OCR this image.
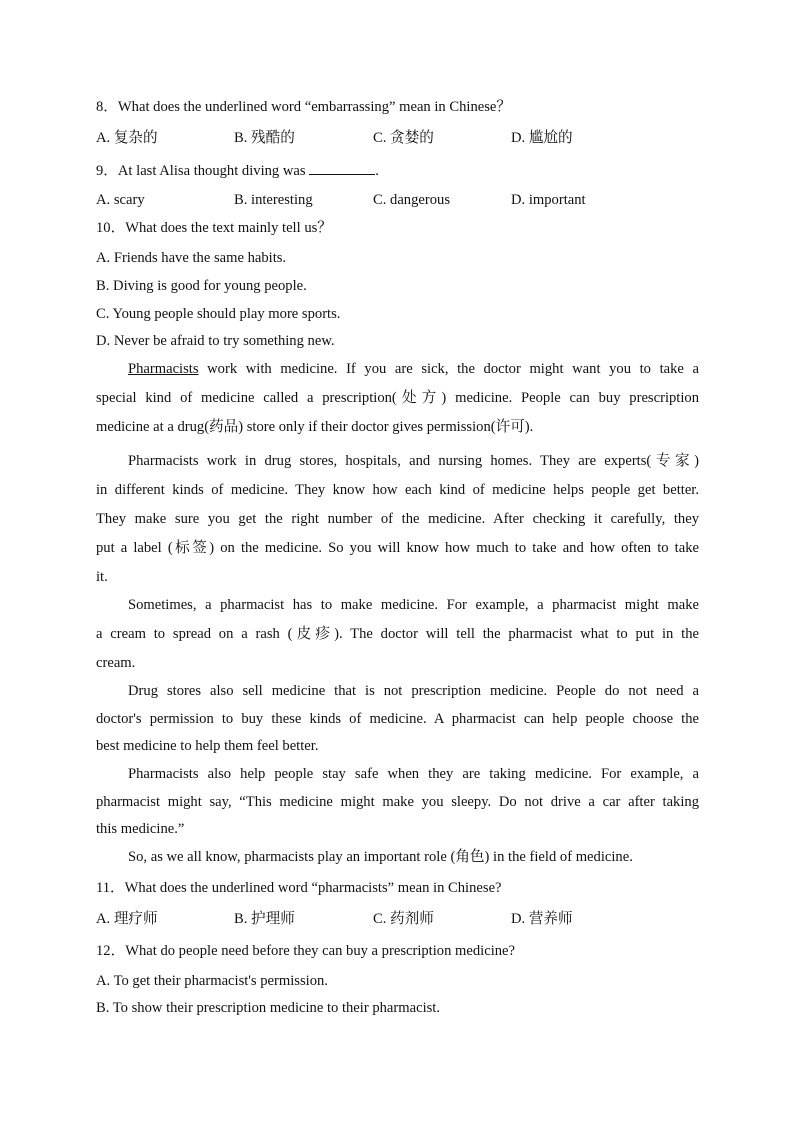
8．What does the underlined word “embarrassing” mean in Chinese？
A. 复杂的	B. 残酷的	C. 贪婪的	D. 尴尬的
9．At last Alisa thought diving was	.
A. scary	B. interesting	C. dangerous	D. important
10．What does the text mainly tell us？
A. Friends have the same habits.
B. Diving is good for young people.
C. Young people should play more sports.
D. Never be afraid to try something new.
Pharmacists work with medicine. If you are sick, the doctor might want you to take a
special kind of medicine called a prescription(处方) medicine. People can buy prescription
medicine at a drug(药品) store only if their doctor gives permission(许可).
Pharmacists work in drug stores, hospitals, and nursing homes. They are experts(专家)
in different kinds of medicine. They know how each kind of medicine helps people get better.
They make sure you get the right number of the medicine. After checking it carefully, they
put a label (标签) on the medicine. So you will know how much to take and how often to take
it.
Sometimes, a pharmacist has to make medicine. For example, a pharmacist might make
a cream to spread on a rash (皮疹). The doctor will tell the pharmacist what to put in the
cream.
Drug stores also sell medicine that is not prescription medicine. People do not need a
doctor's permission to buy these kinds of medicine. A pharmacist can help people choose the
best medicine to help them feel better.
Pharmacists also help people stay safe when they are taking medicine. For example, a
pharmacist might say, “This medicine might make you sleepy. Do not drive a car after taking
this medicine.”
So, as we all know, pharmacists play an important role (角色) in the field of medicine.
11．What does the underlined word “pharmacists” mean in Chinese?
A. 理疗师	B. 护理师	C. 药剂师	D. 营养师
12．What do people need before they can buy a prescription medicine?
A. To get their pharmacist's permission.
B. To show their prescription medicine to their pharmacist.
